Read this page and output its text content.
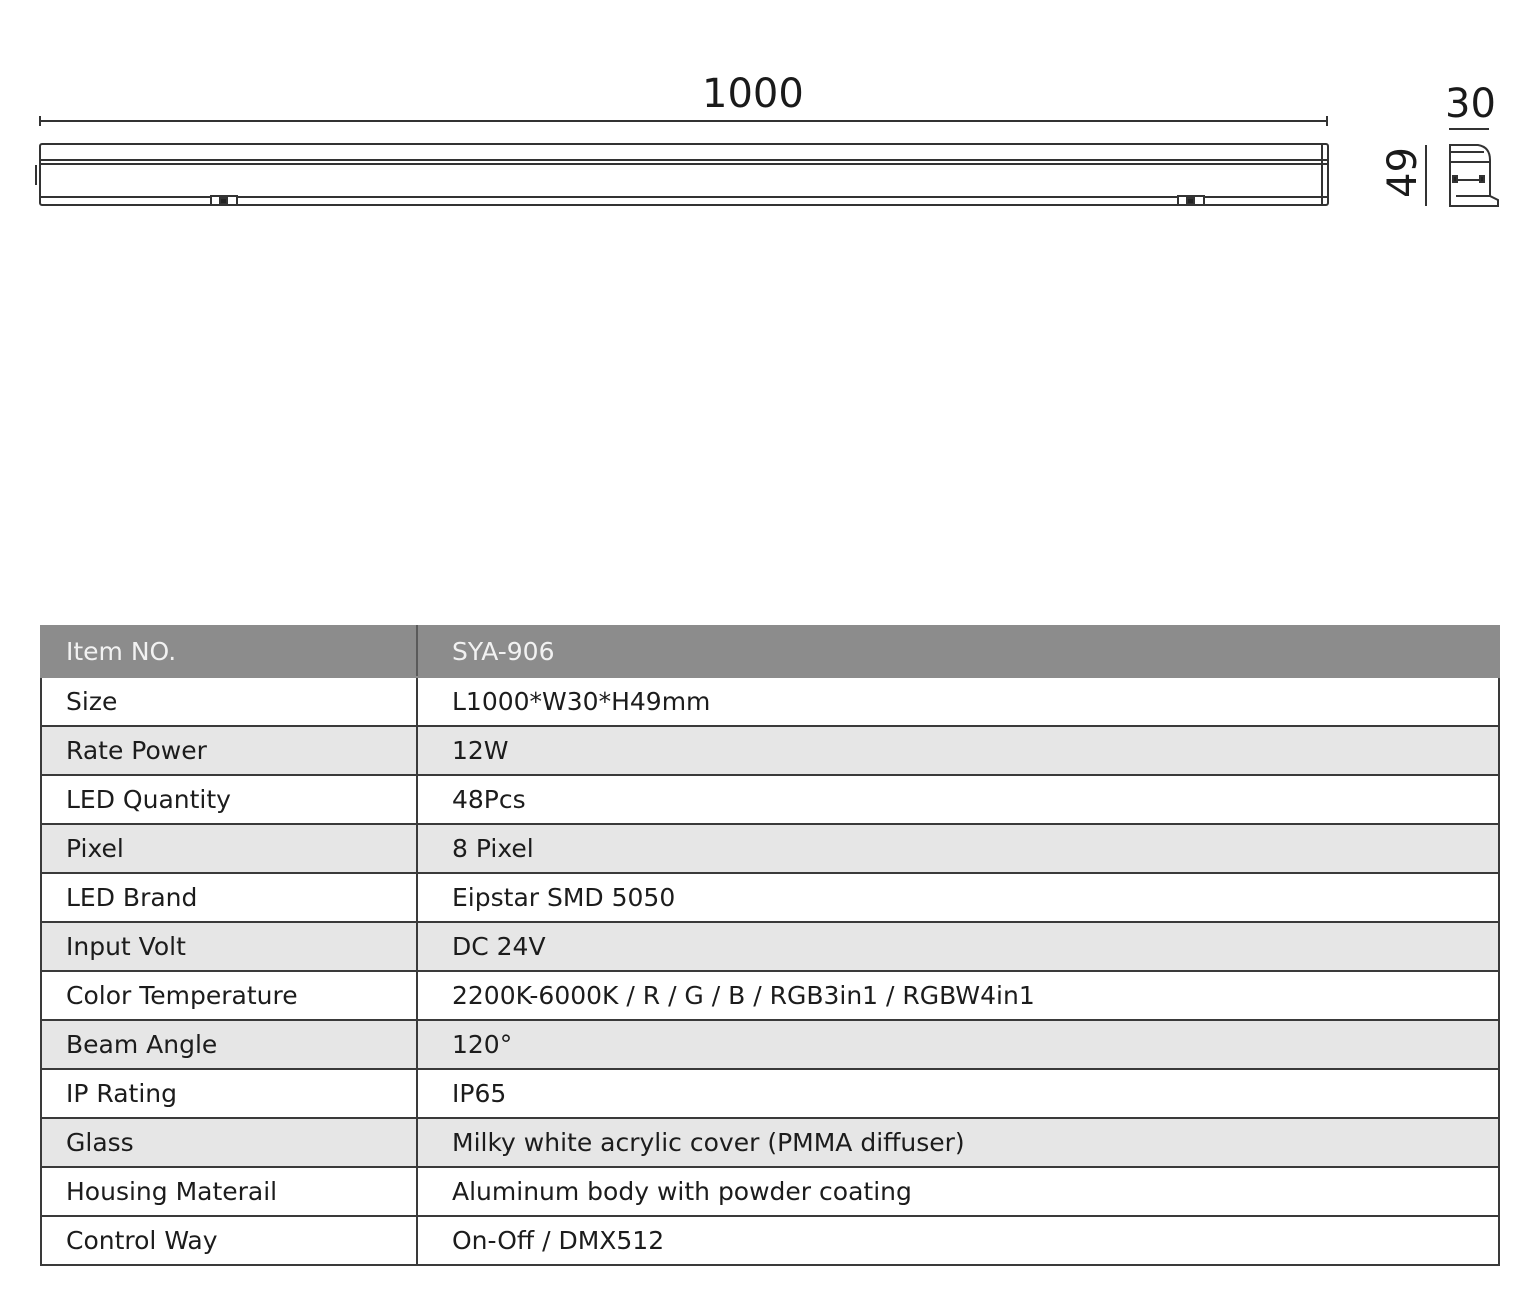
1000	30
49
Item NO.	SYA-906
Size	L1000*W30*H49mm
Rate Power	12W
LED Quantity	48Pcs
Pixel	8 Pixel
LED Brand	Eipstar SMD 5050
Input Volt	DC 24V
Color Temperature	2200K-6000K / R / G / B / RGB3in1 / RGBW4in1
Beam Angle	120°
IP Rating	IP65
Glass	Milky white acrylic cover (PMMA diffuser)
Housing Materail	Aluminum body with powder coating
Control Way	On-Off / DMX512
